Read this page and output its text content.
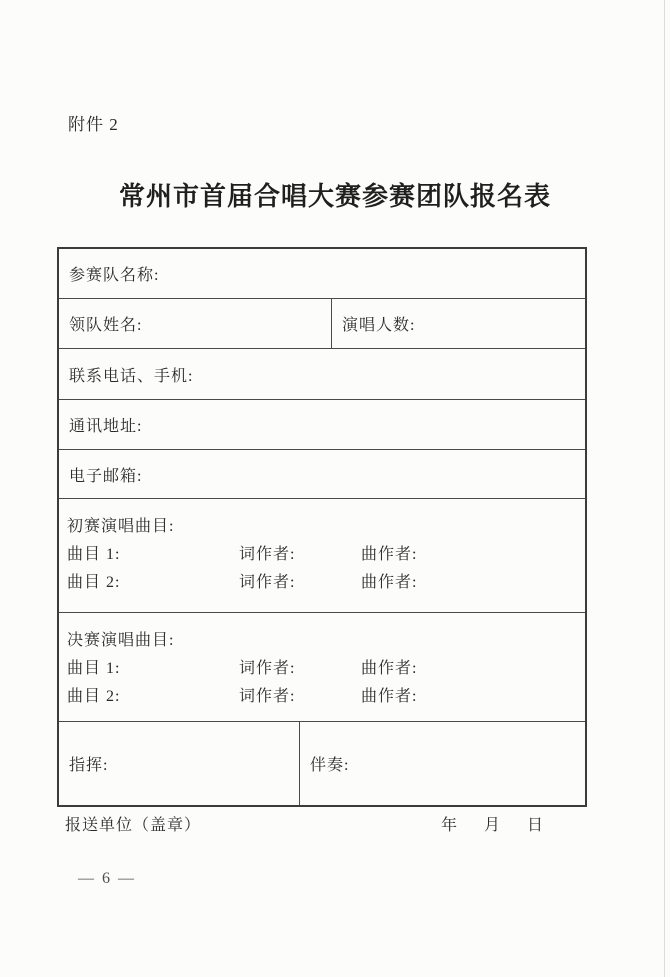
附件 2
常州市首届合唱大赛参赛团队报名表
参赛队名称:
领队姓名:	演唱人数:
联系电话、手机:
通讯地址:
电子邮箱:
初赛演唱曲目:
曲目 1:	词作者:	曲作者:
曲目 2:	词作者:	曲作者:
决赛演唱曲目:
曲目 1:	词作者:	曲作者:
曲目 2:	词作者:	曲作者:
指挥:	伴奏:
报送单位（盖章）	年 月 日
— 6 —
